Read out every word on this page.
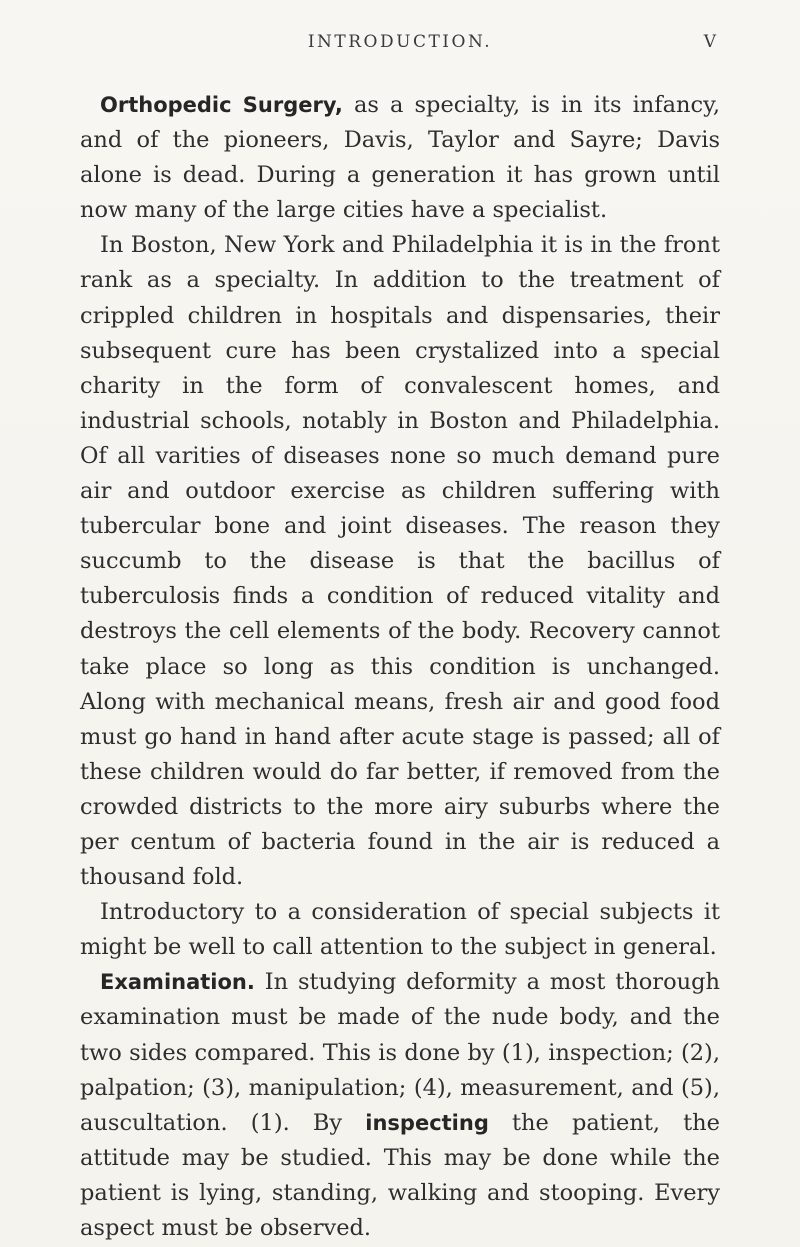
INTRODUCTION.	V

Orthopedic Surgery, as a specialty, is in its infancy, and of the pioneers, Davis, Taylor and Sayre; Davis alone is dead. During a generation it has grown until now many of the large cities have a specialist.

In Boston, New York and Philadelphia it is in the front rank as a specialty. In addition to the treatment of crippled children in hospitals and dispensaries, their subsequent cure has been crystalized into a special charity in the form of convalescent homes, and industrial schools, notably in Boston and Philadelphia. Of all varities of diseases none so much demand pure air and outdoor exercise as children suffering with tubercular bone and joint diseases. The reason they succumb to the disease is that the bacillus of tuberculosis finds a condition of reduced vitality and destroys the cell elements of the body. Recovery cannot take place so long as this condition is unchanged. Along with mechanical means, fresh air and good food must go hand in hand after acute stage is passed; all of these children would do far better, if removed from the crowded districts to the more airy suburbs where the per centum of bacteria found in the air is reduced a thousand fold.

Introductory to a consideration of special subjects it might be well to call attention to the subject in general.

Examination. In studying deformity a most thorough examination must be made of the nude body, and the two sides compared. This is done by (1), inspection; (2), palpation; (3), manipulation; (4), measurement, and (5), auscultation. (1). By inspecting the patient, the attitude may be studied. This may be done while the patient is lying, standing, walking and stooping. Every aspect must be observed.
